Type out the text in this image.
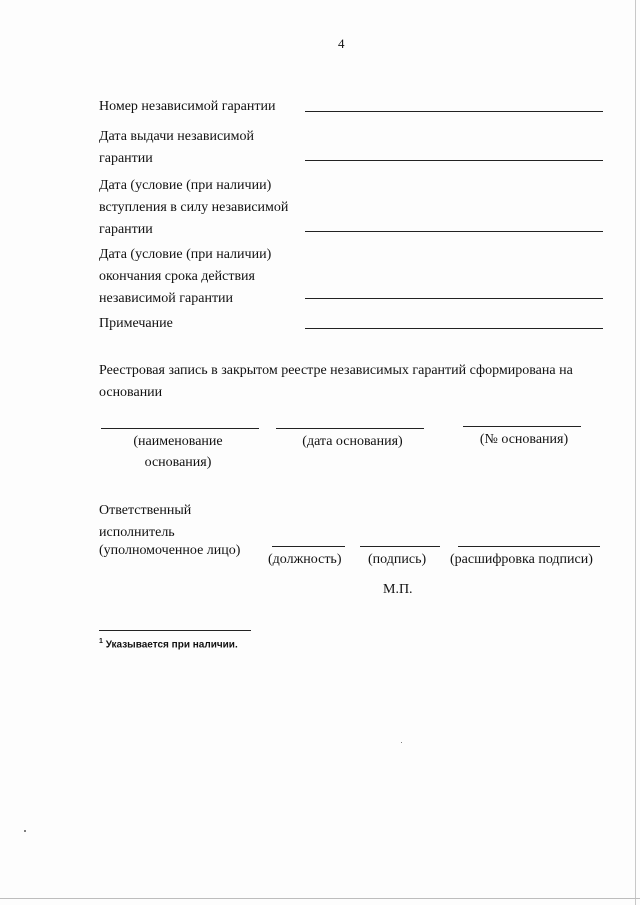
4
Номер независимой гарантии
Дата выдачи независимой гарантии
Дата (условие (при наличии) вступления в силу независимой гарантии
Дата (условие (при наличии) окончания срока действия независимой гарантии
Примечание
Реестровая запись в закрытом реестре независимых гарантий сформирована на основании
(наименование основания)
(дата основания)	(№ основания)
Ответственный
исполнитель
(уполномоченное лицо)
(должность) (подпись) (расшифровка подписи)
М.П.
$^1$ Указывается при наличии.
